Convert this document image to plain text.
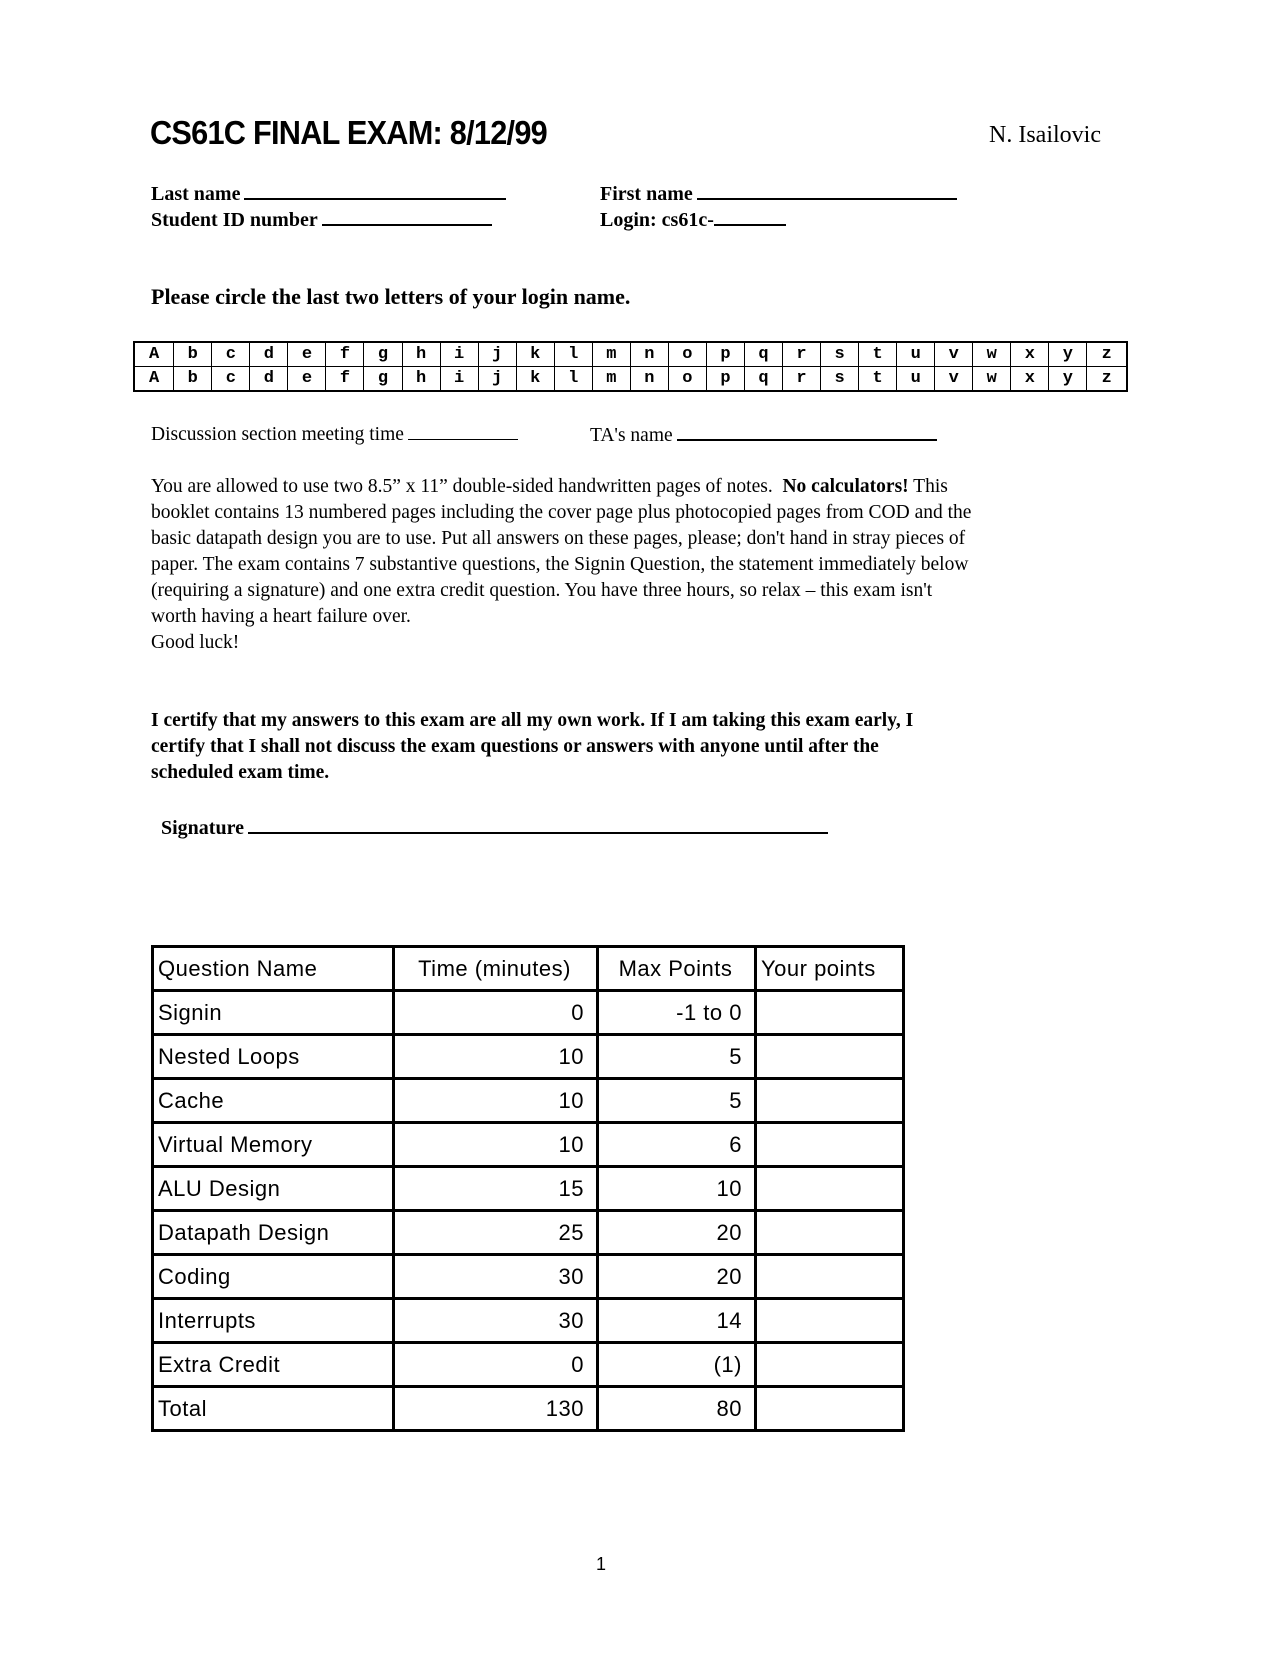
CS61C FINAL EXAM: 8/12/99	N. Isailovic
Last name
Student ID number
First name
Login: cs61c-
Please circle the last two letters of your login name.
A	b	c	d	e	f	g	h	i	j	k	l	m	n	o	p	q	r	s	t	u	v	w	x	y	z
A	b	c	d	e	f	g	h	i	j	k	l	m	n	o	p	q	r	s	t	u	v	w	x	y	z
Discussion section meeting time	TA's name
You are allowed to use two 8.5” x 11” double-sided handwritten pages of notes. No calculators! This
booklet contains 13 numbered pages including the cover page plus photocopied pages from COD and the
basic datapath design you are to use. Put all answers on these pages, please; don't hand in stray pieces of
paper. The exam contains 7 substantive questions, the Signin Question, the statement immediately below
(requiring a signature) and one extra credit question. You have three hours, so relax – this exam isn't
worth having a heart failure over.
Good luck!
I certify that my answers to this exam are all my own work. If I am taking this exam early, I
certify that I shall not discuss the exam questions or answers with anyone until after the
scheduled exam time.
Signature
Question Name	Time (minutes)	Max Points	Your points
Signin	0	-1 to 0	
Nested Loops	10	5	
Cache	10	5	
Virtual Memory	10	6	
ALU Design	15	10	
Datapath Design	25	20	
Coding	30	20	
Interrupts	30	14	
Extra Credit	0	(1)	
Total	130	80	
1
